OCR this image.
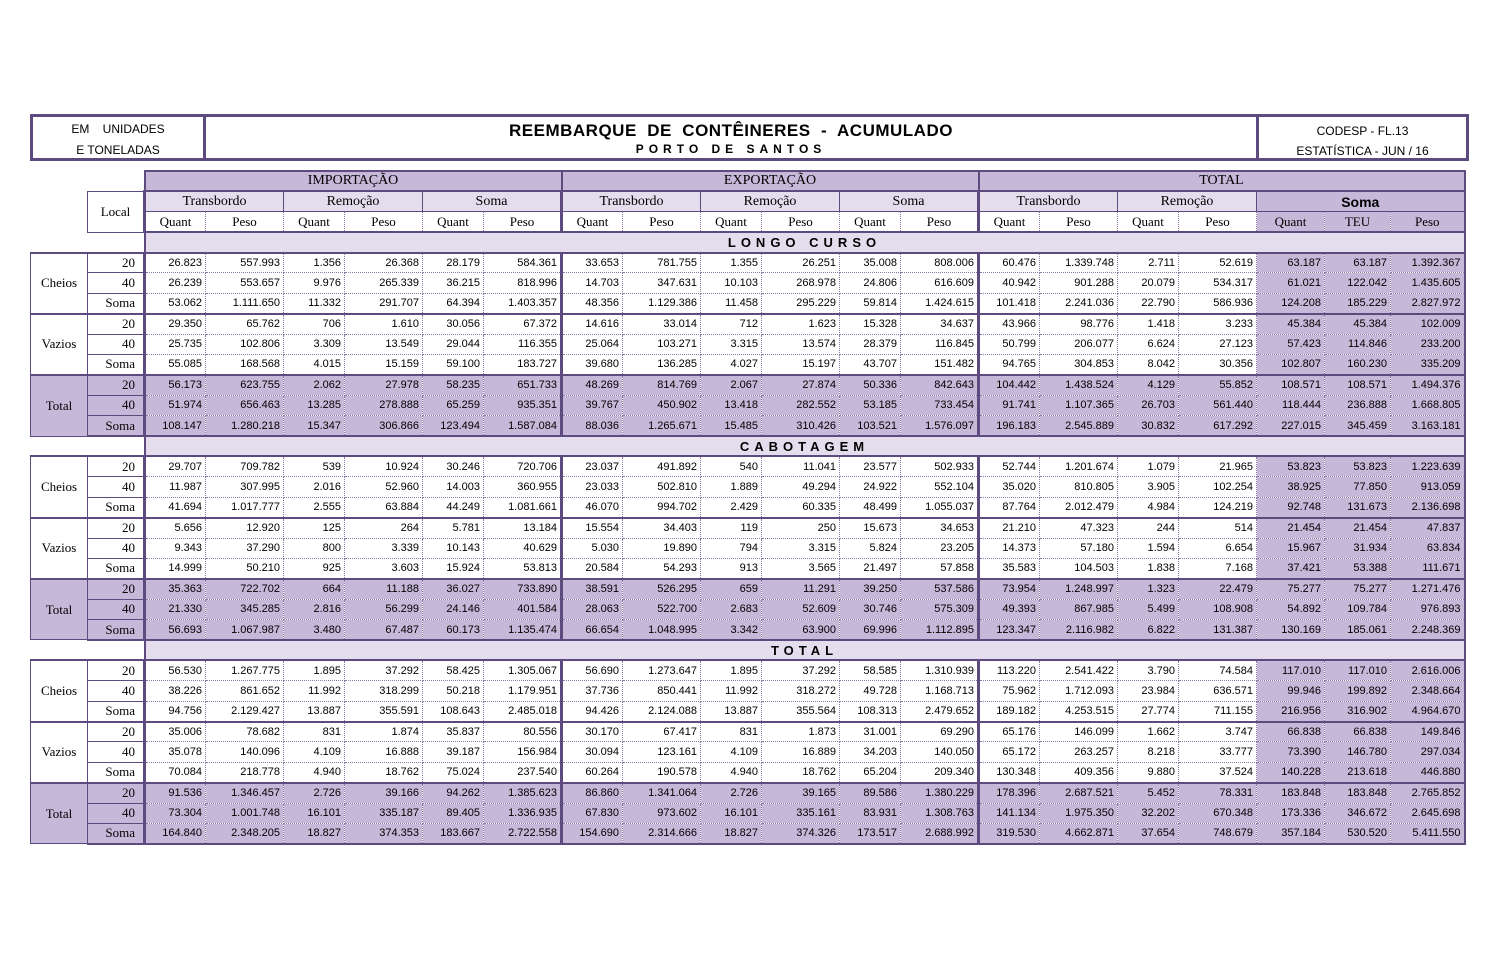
EM    UNIDADES
E TONELADAS
REEMBARQUE  DE  CONTÊINERES  -  ACUMULADO
PORTO DE SANTOS
CODESP - FL.13
ESTATÍSTICA - JUN / 16
		IMPORTAÇÃO						EXPORTAÇÃO						TOTAL						
	Local	Transbordo		Remoção		Soma		Transbordo		Remoção		Soma		Transbordo		Remoção		Soma		
		Quant	Peso	Quant	Peso	Quant	Peso	Quant	Peso	Quant	Peso	Quant	Peso	Quant	Peso	Quant	Peso	Quant	TEU	Peso
		LONGO CURSO																		
Cheios	20	26.823	557.993	1.356	26.368	28.179	584.361	33.653	781.755	1.355	26.251	35.008	808.006	60.476	1.339.748	2.711	52.619	63.187	63.187	1.392.367
	40	26.239	553.657	9.976	265.339	36.215	818.996	14.703	347.631	10.103	268.978	24.806	616.609	40.942	901.288	20.079	534.317	61.021	122.042	1.435.605
	Soma	53.062	1.111.650	11.332	291.707	64.394	1.403.357	48.356	1.129.386	11.458	295.229	59.814	1.424.615	101.418	2.241.036	22.790	586.936	124.208	185.229	2.827.972
Vazios	20	29.350	65.762	706	1.610	30.056	67.372	14.616	33.014	712	1.623	15.328	34.637	43.966	98.776	1.418	3.233	45.384	45.384	102.009
	40	25.735	102.806	3.309	13.549	29.044	116.355	25.064	103.271	3.315	13.574	28.379	116.845	50.799	206.077	6.624	27.123	57.423	114.846	233.200
	Soma	55.085	168.568	4.015	15.159	59.100	183.727	39.680	136.285	4.027	15.197	43.707	151.482	94.765	304.853	8.042	30.356	102.807	160.230	335.209
Total	20	56.173	623.755	2.062	27.978	58.235	651.733	48.269	814.769	2.067	27.874	50.336	842.643	104.442	1.438.524	4.129	55.852	108.571	108.571	1.494.376
	40	51.974	656.463	13.285	278.888	65.259	935.351	39.767	450.902	13.418	282.552	53.185	733.454	91.741	1.107.365	26.703	561.440	118.444	236.888	1.668.805
	Soma	108.147	1.280.218	15.347	306.866	123.494	1.587.084	88.036	1.265.671	15.485	310.426	103.521	1.576.097	196.183	2.545.889	30.832	617.292	227.015	345.459	3.163.181
		CABOTAGEM																		
Cheios	20	29.707	709.782	539	10.924	30.246	720.706	23.037	491.892	540	11.041	23.577	502.933	52.744	1.201.674	1.079	21.965	53.823	53.823	1.223.639
	40	11.987	307.995	2.016	52.960	14.003	360.955	23.033	502.810	1.889	49.294	24.922	552.104	35.020	810.805	3.905	102.254	38.925	77.850	913.059
	Soma	41.694	1.017.777	2.555	63.884	44.249	1.081.661	46.070	994.702	2.429	60.335	48.499	1.055.037	87.764	2.012.479	4.984	124.219	92.748	131.673	2.136.698
Vazios	20	5.656	12.920	125	264	5.781	13.184	15.554	34.403	119	250	15.673	34.653	21.210	47.323	244	514	21.454	21.454	47.837
	40	9.343	37.290	800	3.339	10.143	40.629	5.030	19.890	794	3.315	5.824	23.205	14.373	57.180	1.594	6.654	15.967	31.934	63.834
	Soma	14.999	50.210	925	3.603	15.924	53.813	20.584	54.293	913	3.565	21.497	57.858	35.583	104.503	1.838	7.168	37.421	53.388	111.671
Total	20	35.363	722.702	664	11.188	36.027	733.890	38.591	526.295	659	11.291	39.250	537.586	73.954	1.248.997	1.323	22.479	75.277	75.277	1.271.476
	40	21.330	345.285	2.816	56.299	24.146	401.584	28.063	522.700	2.683	52.609	30.746	575.309	49.393	867.985	5.499	108.908	54.892	109.784	976.893
	Soma	56.693	1.067.987	3.480	67.487	60.173	1.135.474	66.654	1.048.995	3.342	63.900	69.996	1.112.895	123.347	2.116.982	6.822	131.387	130.169	185.061	2.248.369
		TOTAL																		
Cheios	20	56.530	1.267.775	1.895	37.292	58.425	1.305.067	56.690	1.273.647	1.895	37.292	58.585	1.310.939	113.220	2.541.422	3.790	74.584	117.010	117.010	2.616.006
	40	38.226	861.652	11.992	318.299	50.218	1.179.951	37.736	850.441	11.992	318.272	49.728	1.168.713	75.962	1.712.093	23.984	636.571	99.946	199.892	2.348.664
	Soma	94.756	2.129.427	13.887	355.591	108.643	2.485.018	94.426	2.124.088	13.887	355.564	108.313	2.479.652	189.182	4.253.515	27.774	711.155	216.956	316.902	4.964.670
Vazios	20	35.006	78.682	831	1.874	35.837	80.556	30.170	67.417	831	1.873	31.001	69.290	65.176	146.099	1.662	3.747	66.838	66.838	149.846
	40	35.078	140.096	4.109	16.888	39.187	156.984	30.094	123.161	4.109	16.889	34.203	140.050	65.172	263.257	8.218	33.777	73.390	146.780	297.034
	Soma	70.084	218.778	4.940	18.762	75.024	237.540	60.264	190.578	4.940	18.762	65.204	209.340	130.348	409.356	9.880	37.524	140.228	213.618	446.880
Total	20	91.536	1.346.457	2.726	39.166	94.262	1.385.623	86.860	1.341.064	2.726	39.165	89.586	1.380.229	178.396	2.687.521	5.452	78.331	183.848	183.848	2.765.852
	40	73.304	1.001.748	16.101	335.187	89.405	1.336.935	67.830	973.602	16.101	335.161	83.931	1.308.763	141.134	1.975.350	32.202	670.348	173.336	346.672	2.645.698
	Soma	164.840	2.348.205	18.827	374.353	183.667	2.722.558	154.690	2.314.666	18.827	374.326	173.517	2.688.992	319.530	4.662.871	37.654	748.679	357.184	530.520	5.411.550
